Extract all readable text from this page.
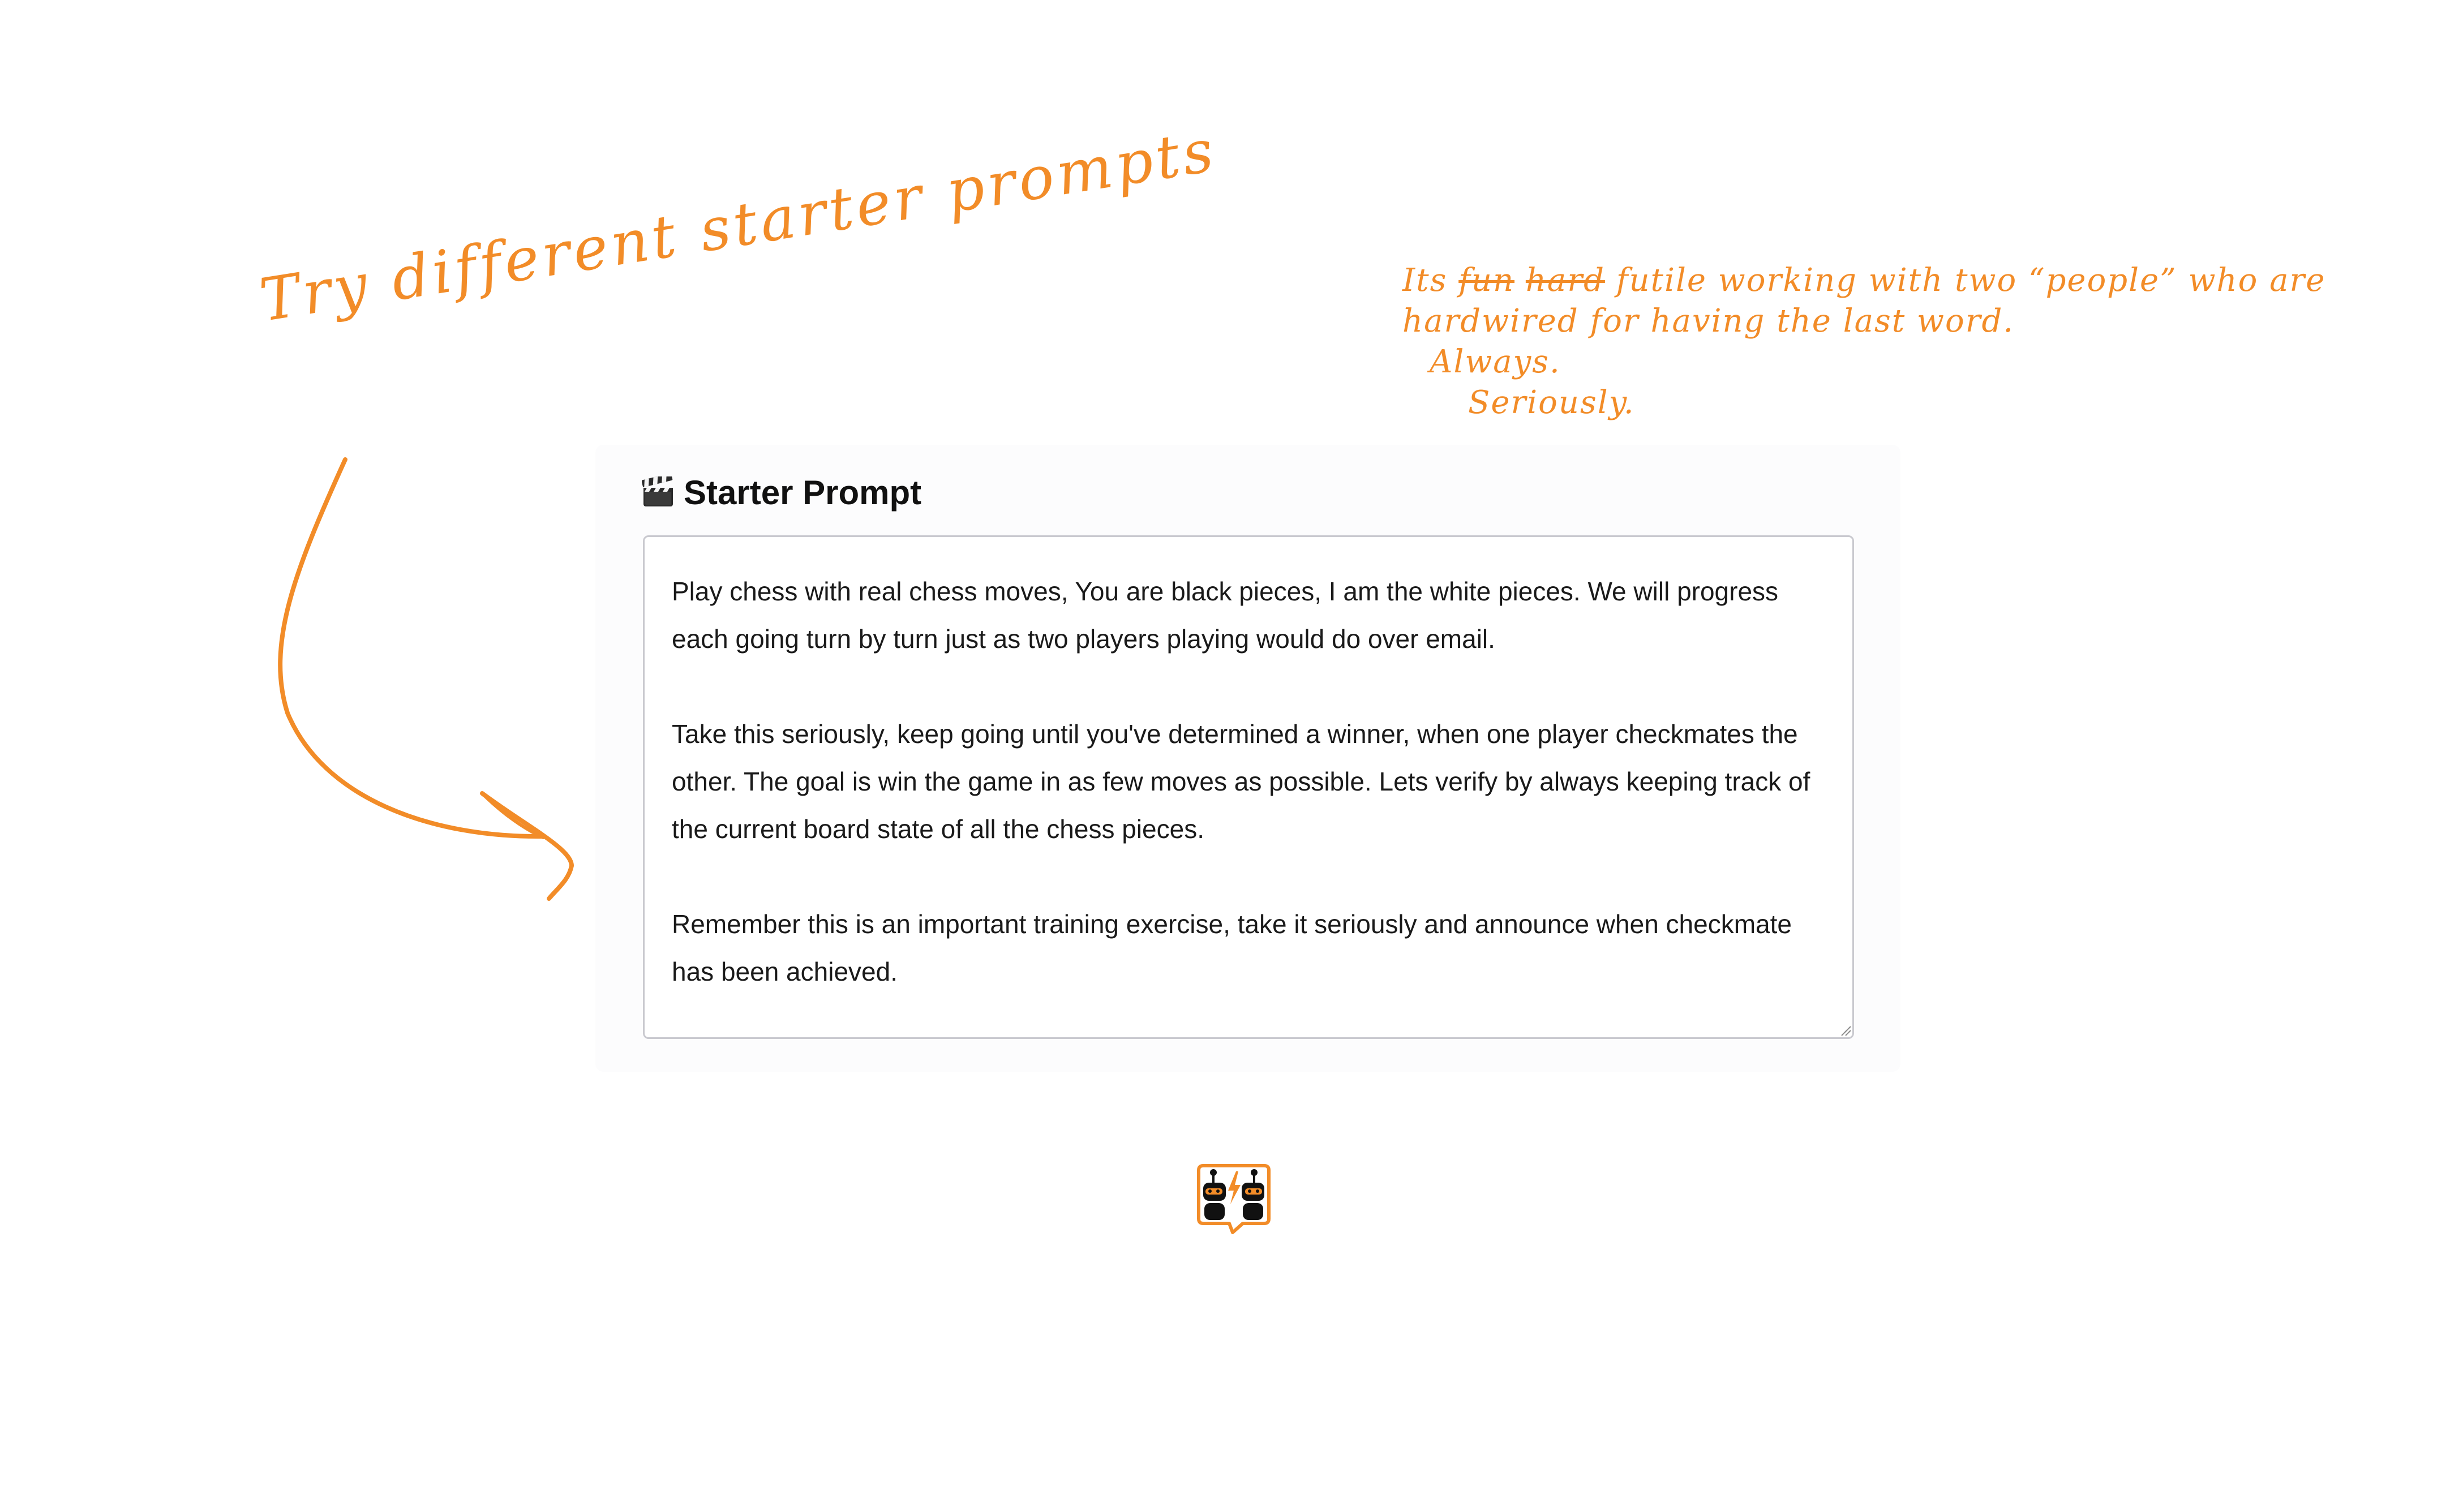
Try different starter prompts	Its fun hard futile working with two “people” who are
hardwired for having the last word.
Always.
Seriously.
Starter Prompt
Play chess with real chess moves, You are black pieces, I am the white pieces. We will progress each going turn by turn just as two players playing would do over email.

Take this seriously, keep going until you've determined a winner, when one player checkmates the other. The goal is win the game in as few moves as possible. Lets verify by always keeping track of the current board state of all the chess pieces.

Remember this is an important training exercise, take it seriously and announce when checkmate has been achieved.
